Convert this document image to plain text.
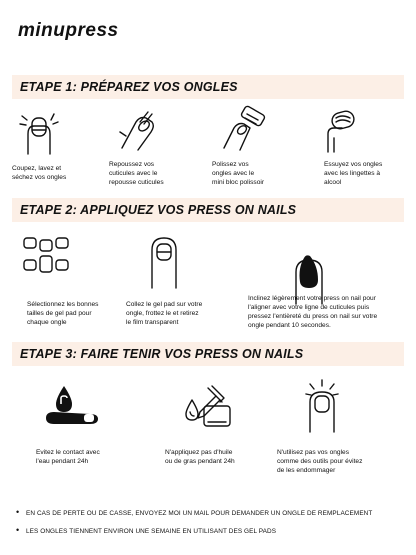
minupress
ETAPE 1: PRÉPAREZ VOS ONGLES
Coupez, lavez et
séchez vos ongles
Repoussez vos
cuticules avec le
repousse cuticules
Polissez vos
ongles avec le
mini bloc polissoir
Essuyez vos ongles
avec les lingettes à
alcool
ETAPE 2: APPLIQUEZ VOS PRESS ON NAILS
Sélectionnez les bonnes
tailles de gel pad pour
chaque ongle
Collez le gel pad sur votre
ongle, frottez le et retirez
le film transparent
Inclinez légèrement votre press on nail pour
l'aligner avec votre ligne de cuticules puis
pressez l'entièreté du press on nail sur votre
ongle pendant 10 secondes.
ETAPE 3: FAIRE TENIR VOS PRESS ON NAILS
Evitez le contact avec
l'eau pendant 24h
N'appliquez pas d'huile
ou de gras pendant 24h
N'utilisez pas vos ongles
comme des outils pour évitez
de les endommager
• EN CAS DE PERTE OU DE CASSE, ENVOYEZ MOI UN MAIL POUR DEMANDER UN ONGLE DE REMPLACEMENT
• LES ONGLES TIENNENT ENVIRON UNE SEMAINE EN UTILISANT DES GEL PADS
